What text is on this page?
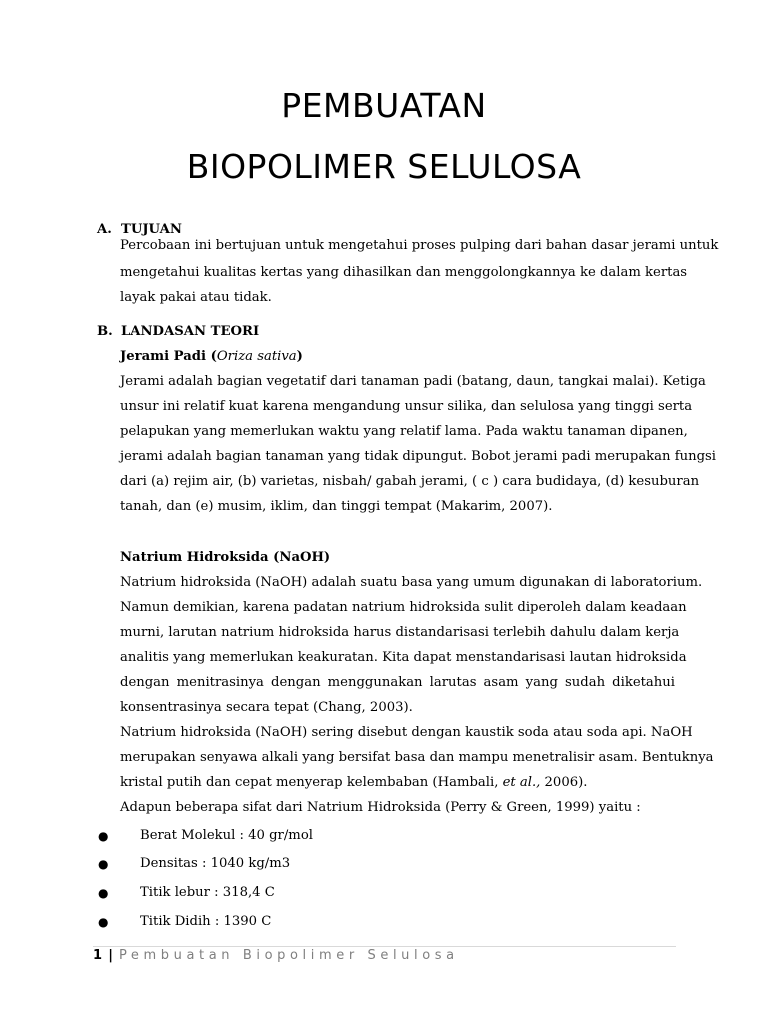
PEMBUATAN
BIOPOLIMER SELULOSA
A. TUJUAN
Percobaan ini bertujuan untuk mengetahui proses pulping dari bahan dasar jerami untuk
mengetahui kualitas kertas yang dihasilkan dan menggolongkannya ke dalam kertas
layak pakai atau tidak.
B. LANDASAN TEORI
Jerami Padi (Oriza sativa)
Jerami adalah bagian vegetatif dari tanaman padi (batang, daun, tangkai malai). Ketiga
unsur ini relatif kuat karena mengandung unsur silika, dan selulosa yang tinggi serta
pelapukan yang memerlukan waktu yang relatif lama. Pada waktu tanaman dipanen,
jerami adalah bagian tanaman yang tidak dipungut. Bobot jerami padi merupakan fungsi
dari (a) rejim air, (b) varietas, nisbah/ gabah jerami, ( c ) cara budidaya, (d) kesuburan
tanah, dan (e) musim, iklim, dan tinggi tempat (Makarim, 2007).
Natrium Hidroksida (NaOH)
Natrium hidroksida (NaOH) adalah suatu basa yang umum digunakan di laboratorium.
Namun demikian, karena padatan natrium hidroksida sulit diperoleh dalam keadaan
murni, larutan natrium hidroksida harus distandarisasi terlebih dahulu dalam kerja
analitis yang memerlukan keakuratan. Kita dapat menstandarisasi lautan hidroksida
dengan menitrasinya dengan menggunakan larutas asam yang sudah diketahui
konsentrasinya secara tepat (Chang, 2003).
Natrium hidroksida (NaOH) sering disebut dengan kaustik soda atau soda api. NaOH
merupakan senyawa alkali yang bersifat basa dan mampu menetralisir asam. Bentuknya
kristal putih dan cepat menyerap kelembaban (Hambali, et al., 2006).
Adapun beberapa sifat dari Natrium Hidroksida (Perry & Green, 1999) yaitu :
● Berat Molekul : 40 gr/mol
● Densitas : 1040 kg/m3
● Titik lebur : 318,4 C
● Titik Didih : 1390 C
1 | Pembuatan Biopolimer Selulosa
